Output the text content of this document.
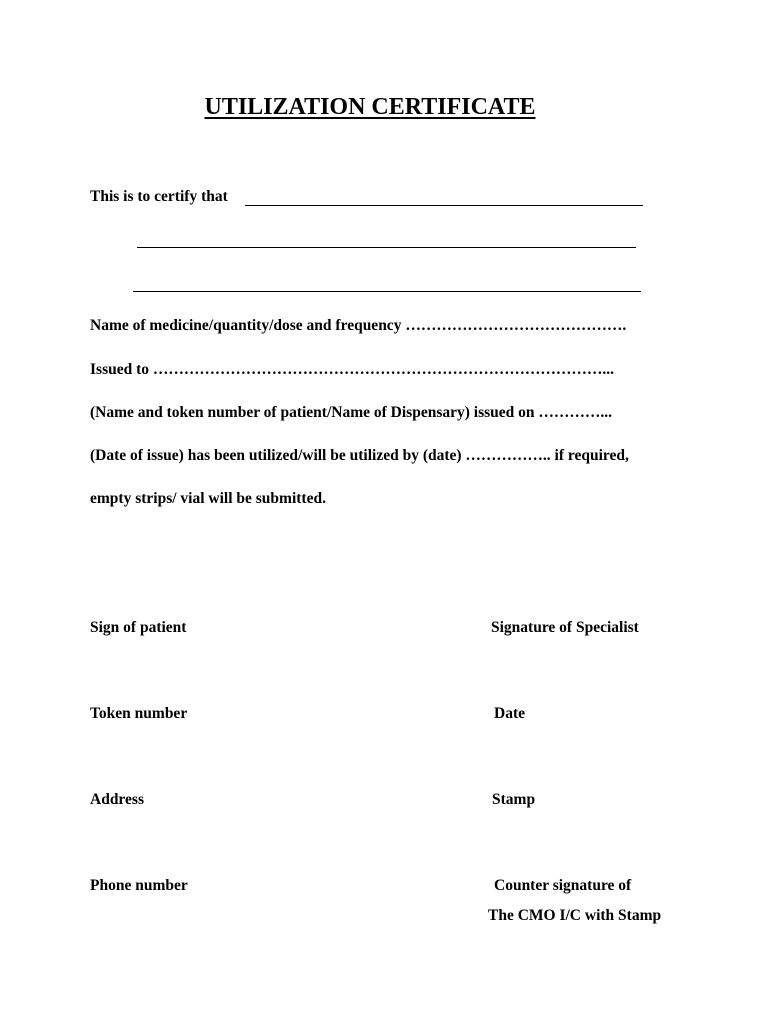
UTILIZATION CERTIFICATE
This is to certify that
Name of medicine/quantity/dose and frequency …………………………………….
Issued to ……………………………………………………………………………...
(Name and token number of patient/Name of Dispensary) issued on …………...
(Date of issue) has been utilized/will be utilized by (date) …………….. if required,
empty strips/ vial will be submitted.
Sign of patient
Token number
Address
Phone number
Signature of Specialist
Date
Stamp
Counter signature of
The CMO I/C with Stamp
